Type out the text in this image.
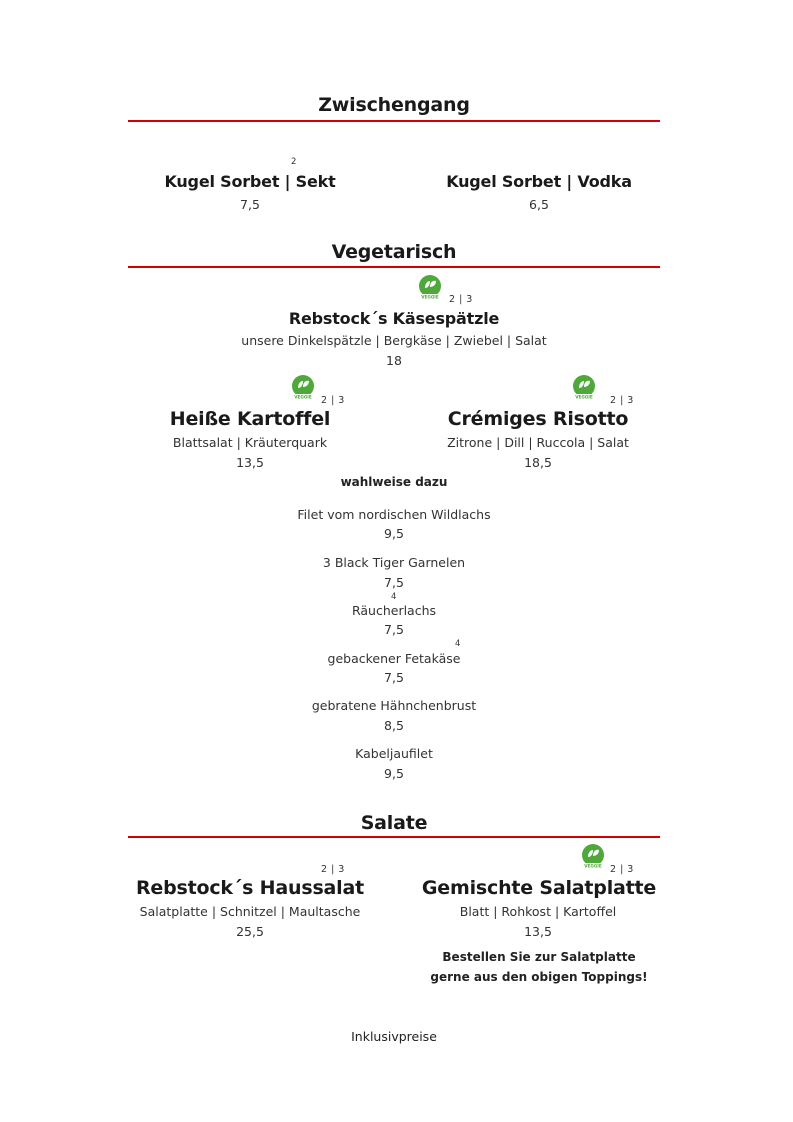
Zwischengang
2
Kugel Sorbet | Sekt
7,5
Kugel Sorbet | Vodka
6,5
Vegetarisch
VEGGIE 2 | 3
Rebstock´s Käsespätzle
unsere Dinkelspätzle | Bergkäse | Zwiebel | Salat
18
VEGGIE 2 | 3
Heiße Kartoffel
Blattsalat | Kräuterquark
13,5
VEGGIE 2 | 3
Crémiges Risotto
Zitrone | Dill | Ruccola | Salat
18,5
wahlweise dazu
Filet vom nordischen Wildlachs
9,5
3 Black Tiger Garnelen
7,5
4
Räucherlachs
7,5
4
gebackener Fetakäse
7,5
gebratene Hähnchenbrust
8,5
Kabeljaufilet
9,5
Salate
2 | 3
Rebstock´s Haussalat
Salatplatte | Schnitzel | Maultasche
25,5
VEGGIE 2 | 3
Gemischte Salatplatte
Blatt | Rohkost | Kartoffel
13,5
Bestellen Sie zur Salatplatte
gerne aus den obigen Toppings!
Inklusivpreise
